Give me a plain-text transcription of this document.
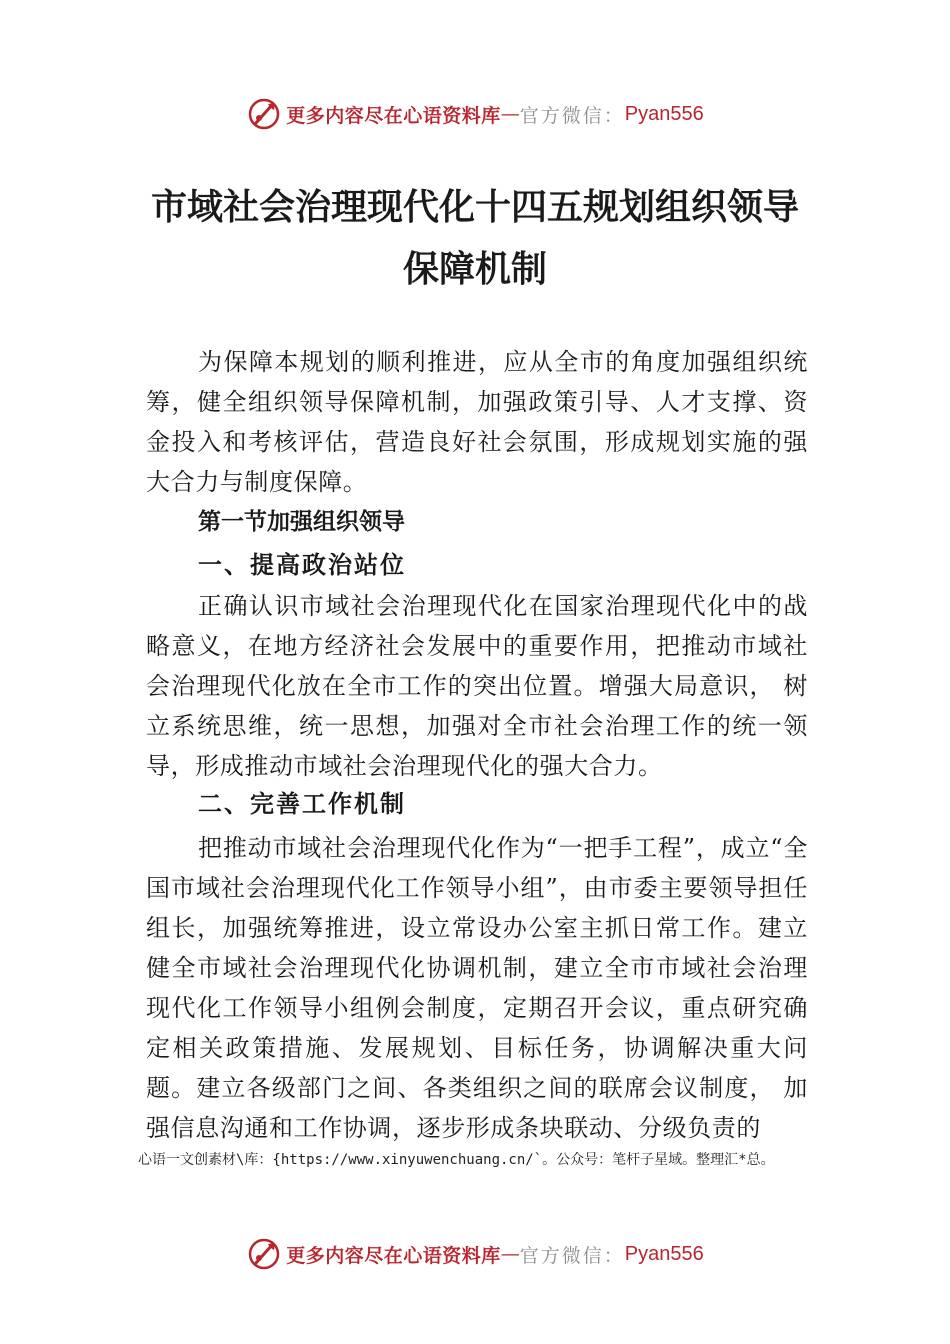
更多内容尽在心语资料库 — 官方微信： Pyan556
市域社会治理现代化十四五规划组织领导
保障机制

为保障本规划的顺利推进，应从全市的角度加强组织统筹，健全组织领导保障机制，加强政策引导、人才支撑、资金投入和考核评估，营造良好社会氛围，形成规划实施的强大合力与制度保障。

第一节加强组织领导
一、提高政治站位

正确认识市域社会治理现代化在国家治理现代化中的战略意义，在地方经济社会发展中的重要作用，把推动市域社会治理现代化放在全市工作的突出位置。增强大局意识， 树立系统思维，统一思想，加强对全市社会治理工作的统一领导，形成推动市域社会治理现代化的强大合力。

二、完善工作机制

把推动市域社会治理现代化作为“一把手工程”，成立“全国市域社会治理现代化工作领导小组”，由市委主要领导担任组长，加强统筹推进，设立常设办公室主抓日常工作。建立健全市域社会治理现代化协调机制，建立全市市域社会治理现代化工作领导小组例会制度，定期召开会议，重点研究确定相关政策措施、发展规划、目标任务，协调解决重大问题。建立各级部门之间、各类组织之间的联席会议制度， 加强信息沟通和工作协调，逐步形成条块联动、分级负责的

心语一文创素材\库：{https://www.xinyuwenchuang.cn/`。公众号：笔杆子星域。整理汇*总。

更多内容尽在心语资料库 — 官方微信： Pyan556
